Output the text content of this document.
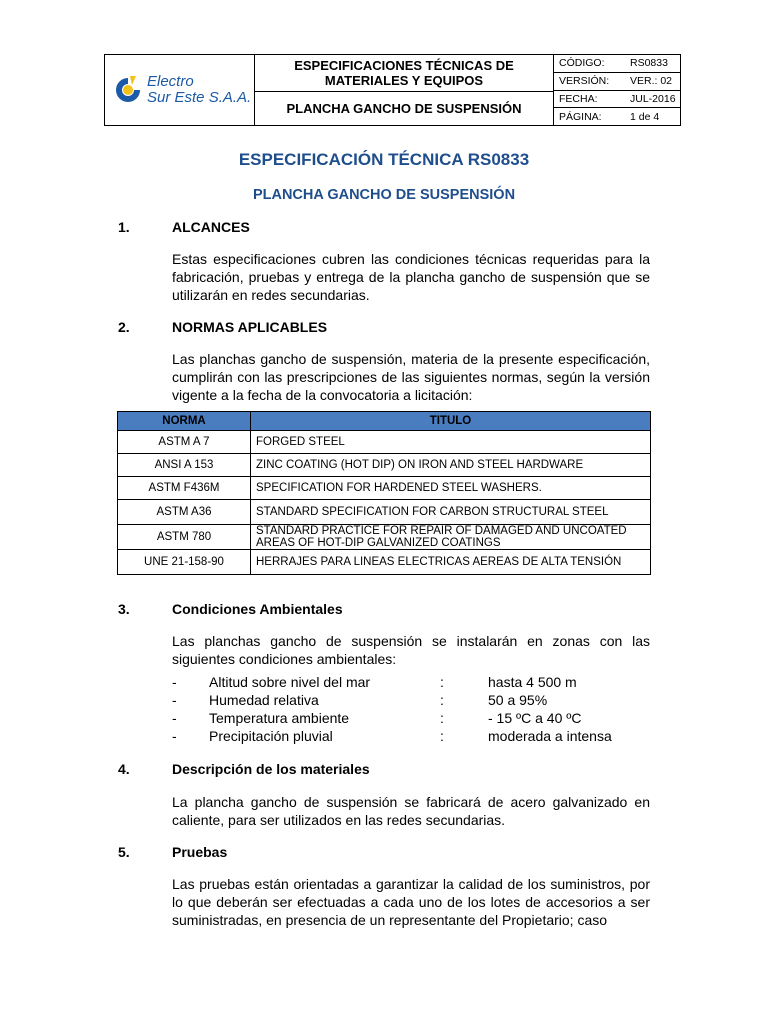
Electro
Sur Este S.A.A.
ESPECIFICACIONES TÉCNICAS DE MATERIALES Y EQUIPOS
PLANCHA GANCHO DE SUSPENSIÓN
CÓDIGO:	RS0833
VERSIÓN:	VER.: 02
FECHA:	JUL-2016
PÁGINA:	1 de 4
ESPECIFICACIÓN TÉCNICA RS0833
PLANCHA GANCHO DE SUSPENSIÓN
1.	ALCANCES
Estas especificaciones cubren las condiciones técnicas requeridas para la fabricación, pruebas y entrega de la plancha gancho de suspensión que se utilizarán en redes secundarias.
2.	NORMAS APLICABLES
Las planchas gancho de suspensión, materia de la presente especificación, cumplirán con las prescripciones de las siguientes normas, según la versión vigente a la fecha de la convocatoria a licitación:
NORMA	TITULO
ASTM A 7	FORGED STEEL
ANSI A 153	ZINC COATING (HOT DIP) ON IRON AND STEEL HARDWARE
ASTM F436M	SPECIFICATION FOR HARDENED STEEL WASHERS.
ASTM A36	STANDARD SPECIFICATION FOR CARBON STRUCTURAL STEEL
ASTM 780	STANDARD PRACTICE FOR REPAIR OF DAMAGED AND UNCOATED AREAS OF HOT-DIP GALVANIZED COATINGS
UNE 21-158-90	HERRAJES PARA LINEAS ELECTRICAS AEREAS DE ALTA TENSIÓN
3.	Condiciones Ambientales
Las planchas gancho de suspensión se instalarán en zonas con las siguientes condiciones ambientales:
- Altitud sobre nivel del mar	:	hasta 4 500 m
- Humedad relativa	:	50 a 95%
- Temperatura ambiente	:	- 15 ºC a 40 ºC
- Precipitación pluvial	:	moderada a intensa
4.	Descripción de los materiales
La plancha gancho de suspensión se fabricará de acero galvanizado en caliente, para ser utilizados en las redes secundarias.
5.	Pruebas
Las pruebas están orientadas a garantizar la calidad de los suministros, por lo que deberán ser efectuadas a cada uno de los lotes de accesorios a ser suministradas, en presencia de un representante del Propietario; caso
